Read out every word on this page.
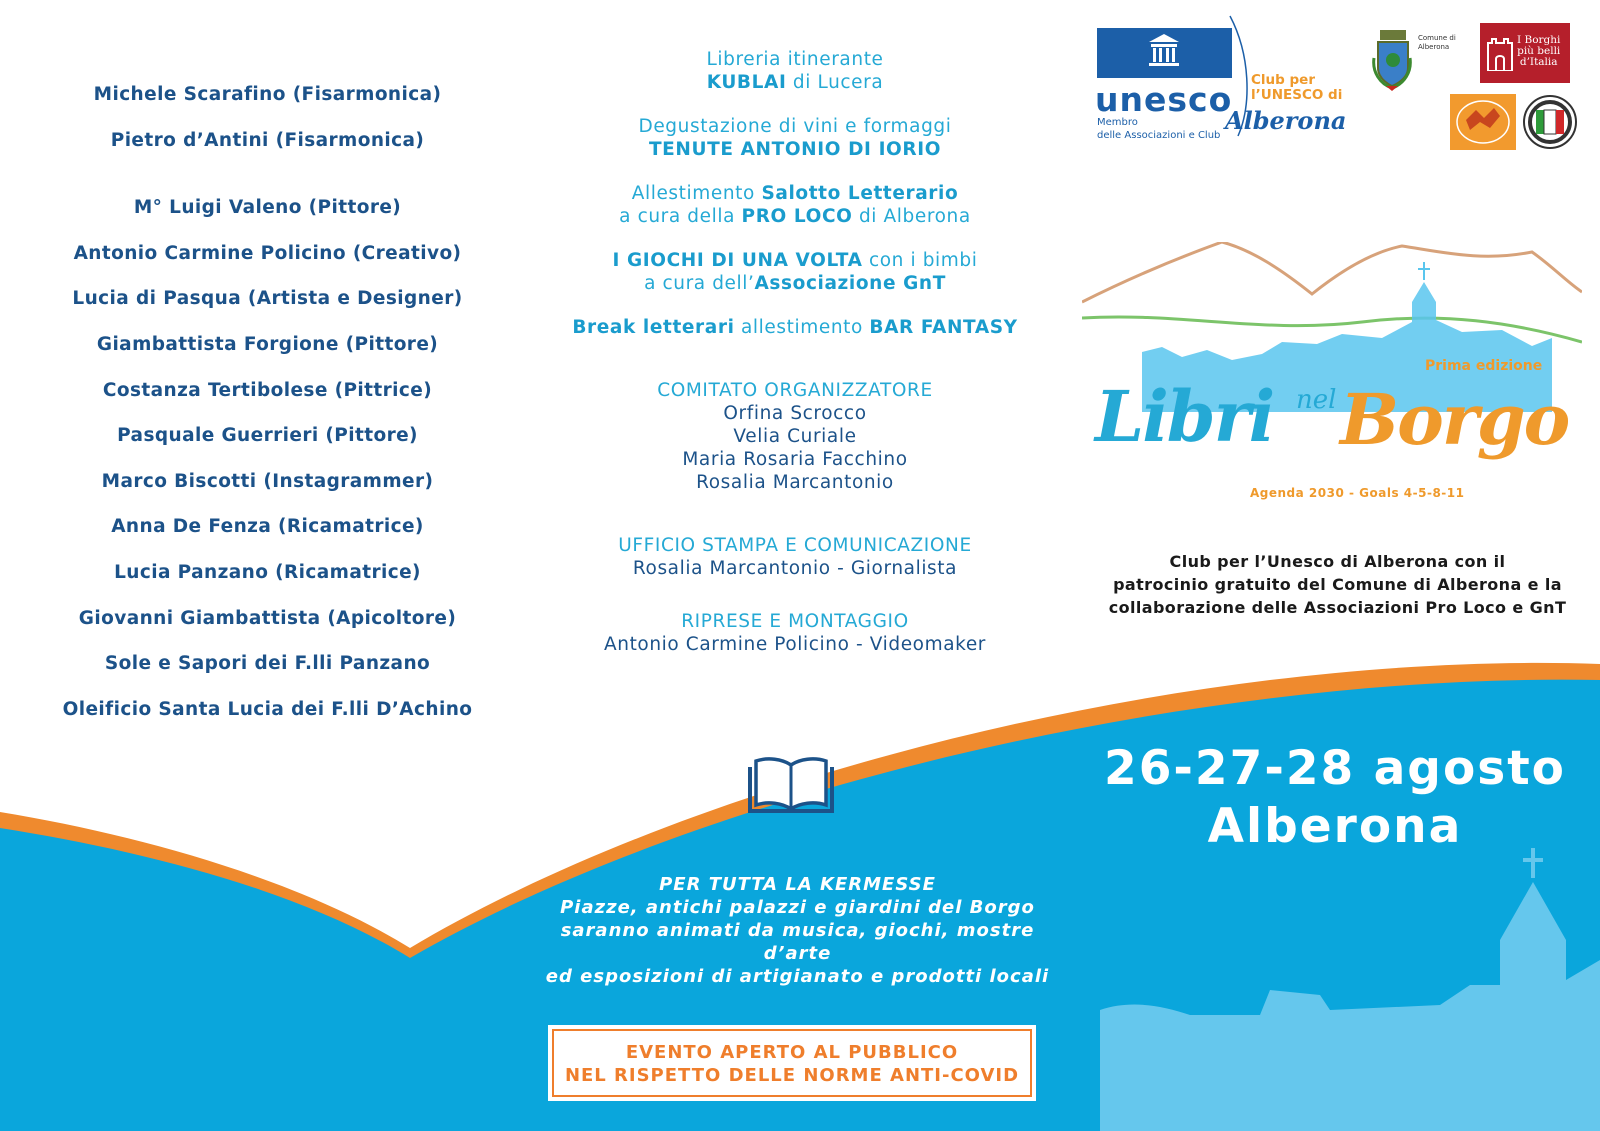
Michele Scarafino (Fisarmonica)
Pietro d’Antini (Fisarmonica)
M° Luigi Valeno (Pittore)
Antonio Carmine Policino (Creativo)
Lucia di Pasqua (Artista e Designer)
Giambattista Forgione (Pittore)
Costanza Tertibolese (Pittrice)
Pasquale Guerrieri (Pittore)
Marco Biscotti (Instagrammer)
Anna De Fenza (Ricamatrice)
Lucia Panzano (Ricamatrice)
Giovanni Giambattista (Apicoltore)
Sole e Sapori dei F.lli Panzano
Oleificio Santa Lucia dei F.lli D’Achino
Libreria itinerante
KUBLAI di Lucera
Degustazione di vini e formaggi
TENUTE ANTONIO DI IORIO
Allestimento Salotto Letterario
a cura della PRO LOCO di Alberona
I GIOCHI DI UNA VOLTA con i bimbi
a cura dell’Associazione GnT
Break letterari allestimento BAR FANTASY
COMITATO ORGANIZZATORE
Orfina Scrocco
Velia Curiale
Maria Rosaria Facchino
Rosalia Marcantonio
UFFICIO STAMPA E COMUNICAZIONE
Rosalia Marcantonio - Giornalista
RIPRESE E MONTAGGIO
Antonio Carmine Policino - Videomaker
PER TUTTA LA KERMESSE
Piazze, antichi palazzi e giardini del Borgo
saranno animati da musica, giochi, mostre d’arte
ed esposizioni di artigianato e prodotti locali
EVENTO APERTO AL PUBBLICO
NEL RISPETTO DELLE NORME ANTI-COVID
unesco
Membro
delle Associazioni e Club
Club per
l’UNESCO di
Alberona
Comune di
Alberona
I Borghi
più belli
d’Italia
Prima edizione
Libri nel Borgo
Agenda 2030 - Goals 4-5-8-11
Club per l’Unesco di Alberona con il
patrocinio gratuito del Comune di Alberona e la
collaborazione delle Associazioni Pro Loco e GnT
26-27-28 agosto
Alberona
